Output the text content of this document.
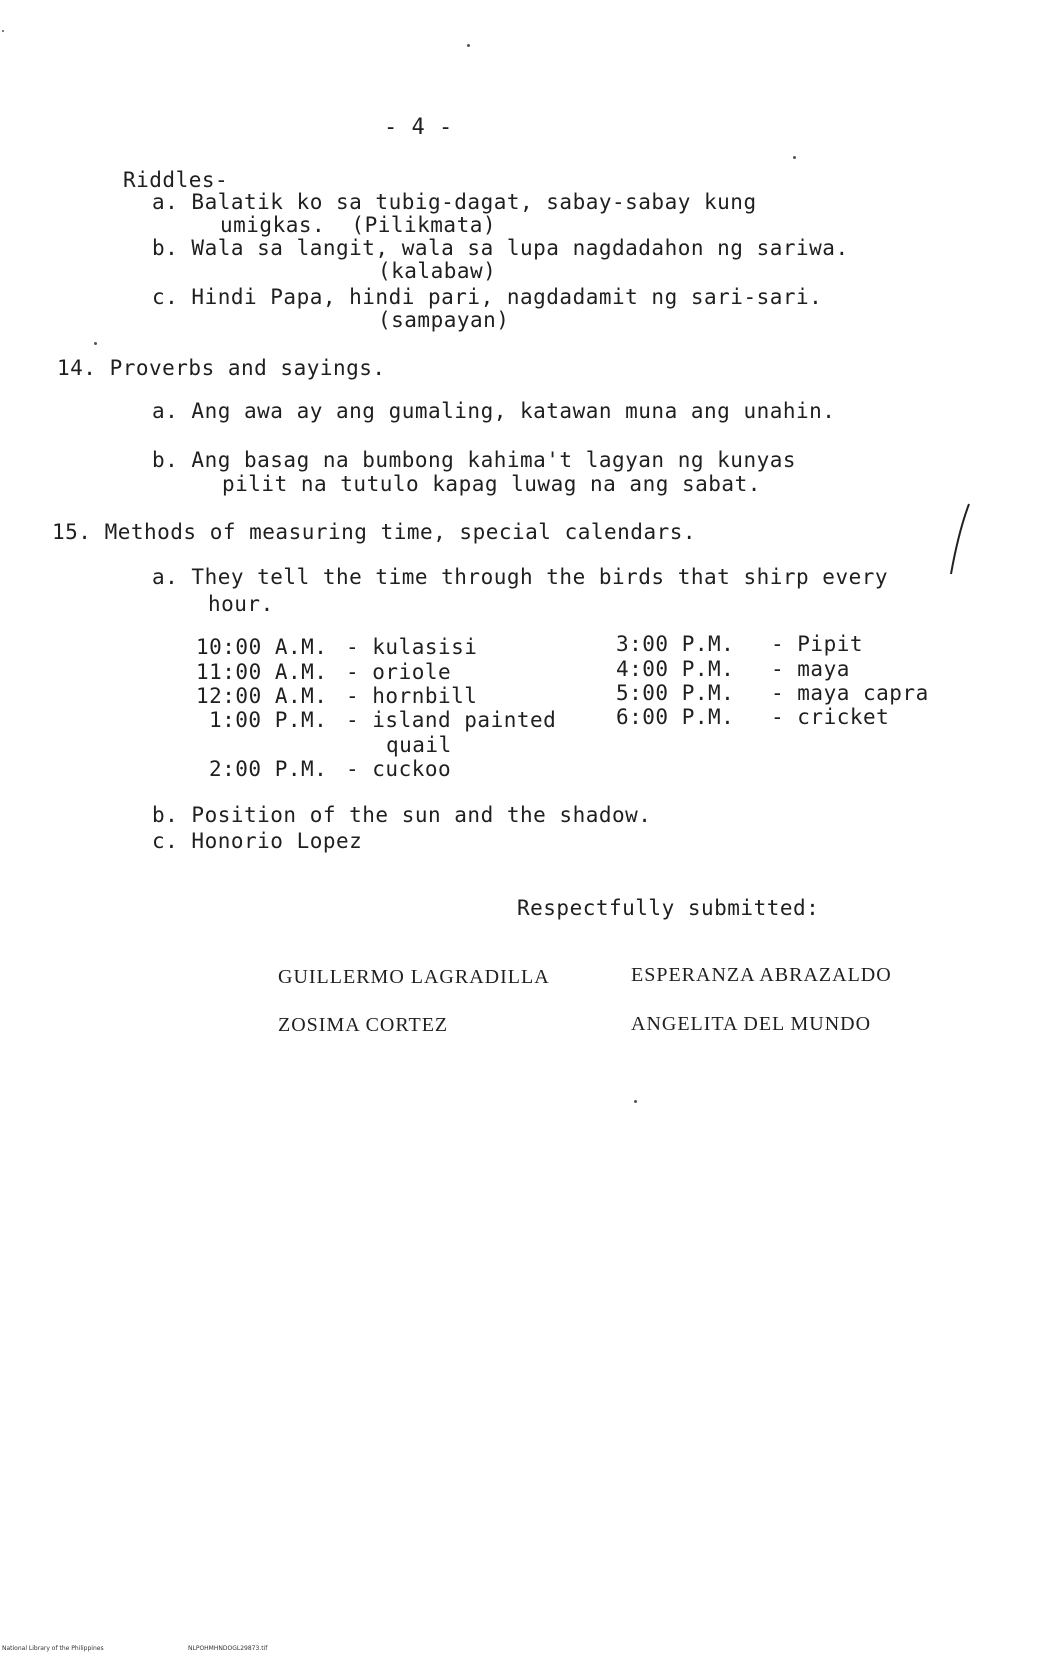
- 4 -
Riddles-
a. Balatik ko sa tubig-dagat, sabay-sabay kung
umigkas.  (Pilikmata)
b. Wala sa langit, wala sa lupa nagdadahon ng sariwa.
(kalabaw)
c. Hindi Papa, hindi pari, nagdadamit ng sari-sari.
(sampayan)
14. Proverbs and sayings.
a. Ang awa ay ang gumaling, katawan muna ang unahin.
b. Ang basag na bumbong kahima't lagyan ng kunyas
pilit na tutulo kapag luwag na ang sabat.
15. Methods of measuring time, special calendars.
a. They tell the time through the birds that shirp every
hour.
10:00 A.M. - kulasisi
11:00 A.M. - oriole
12:00 A.M. - hornbill
1:00 P.M. - island painted
quail
2:00 P.M. - cuckoo
3:00 P.M. - Pipit
4:00 P.M. - maya
5:00 P.M. - maya capra
6:00 P.M. - cricket
b. Position of the sun and the shadow.
c. Honorio Lopez
Respectfully submitted:
GUILLERMO LAGRADILLA	ESPERANZA ABRAZALDO
ZOSIMA CORTEZ	ANGELITA DEL MUNDO
National Library of the Philippines	NLPOHMHNDOGL29873.tif
